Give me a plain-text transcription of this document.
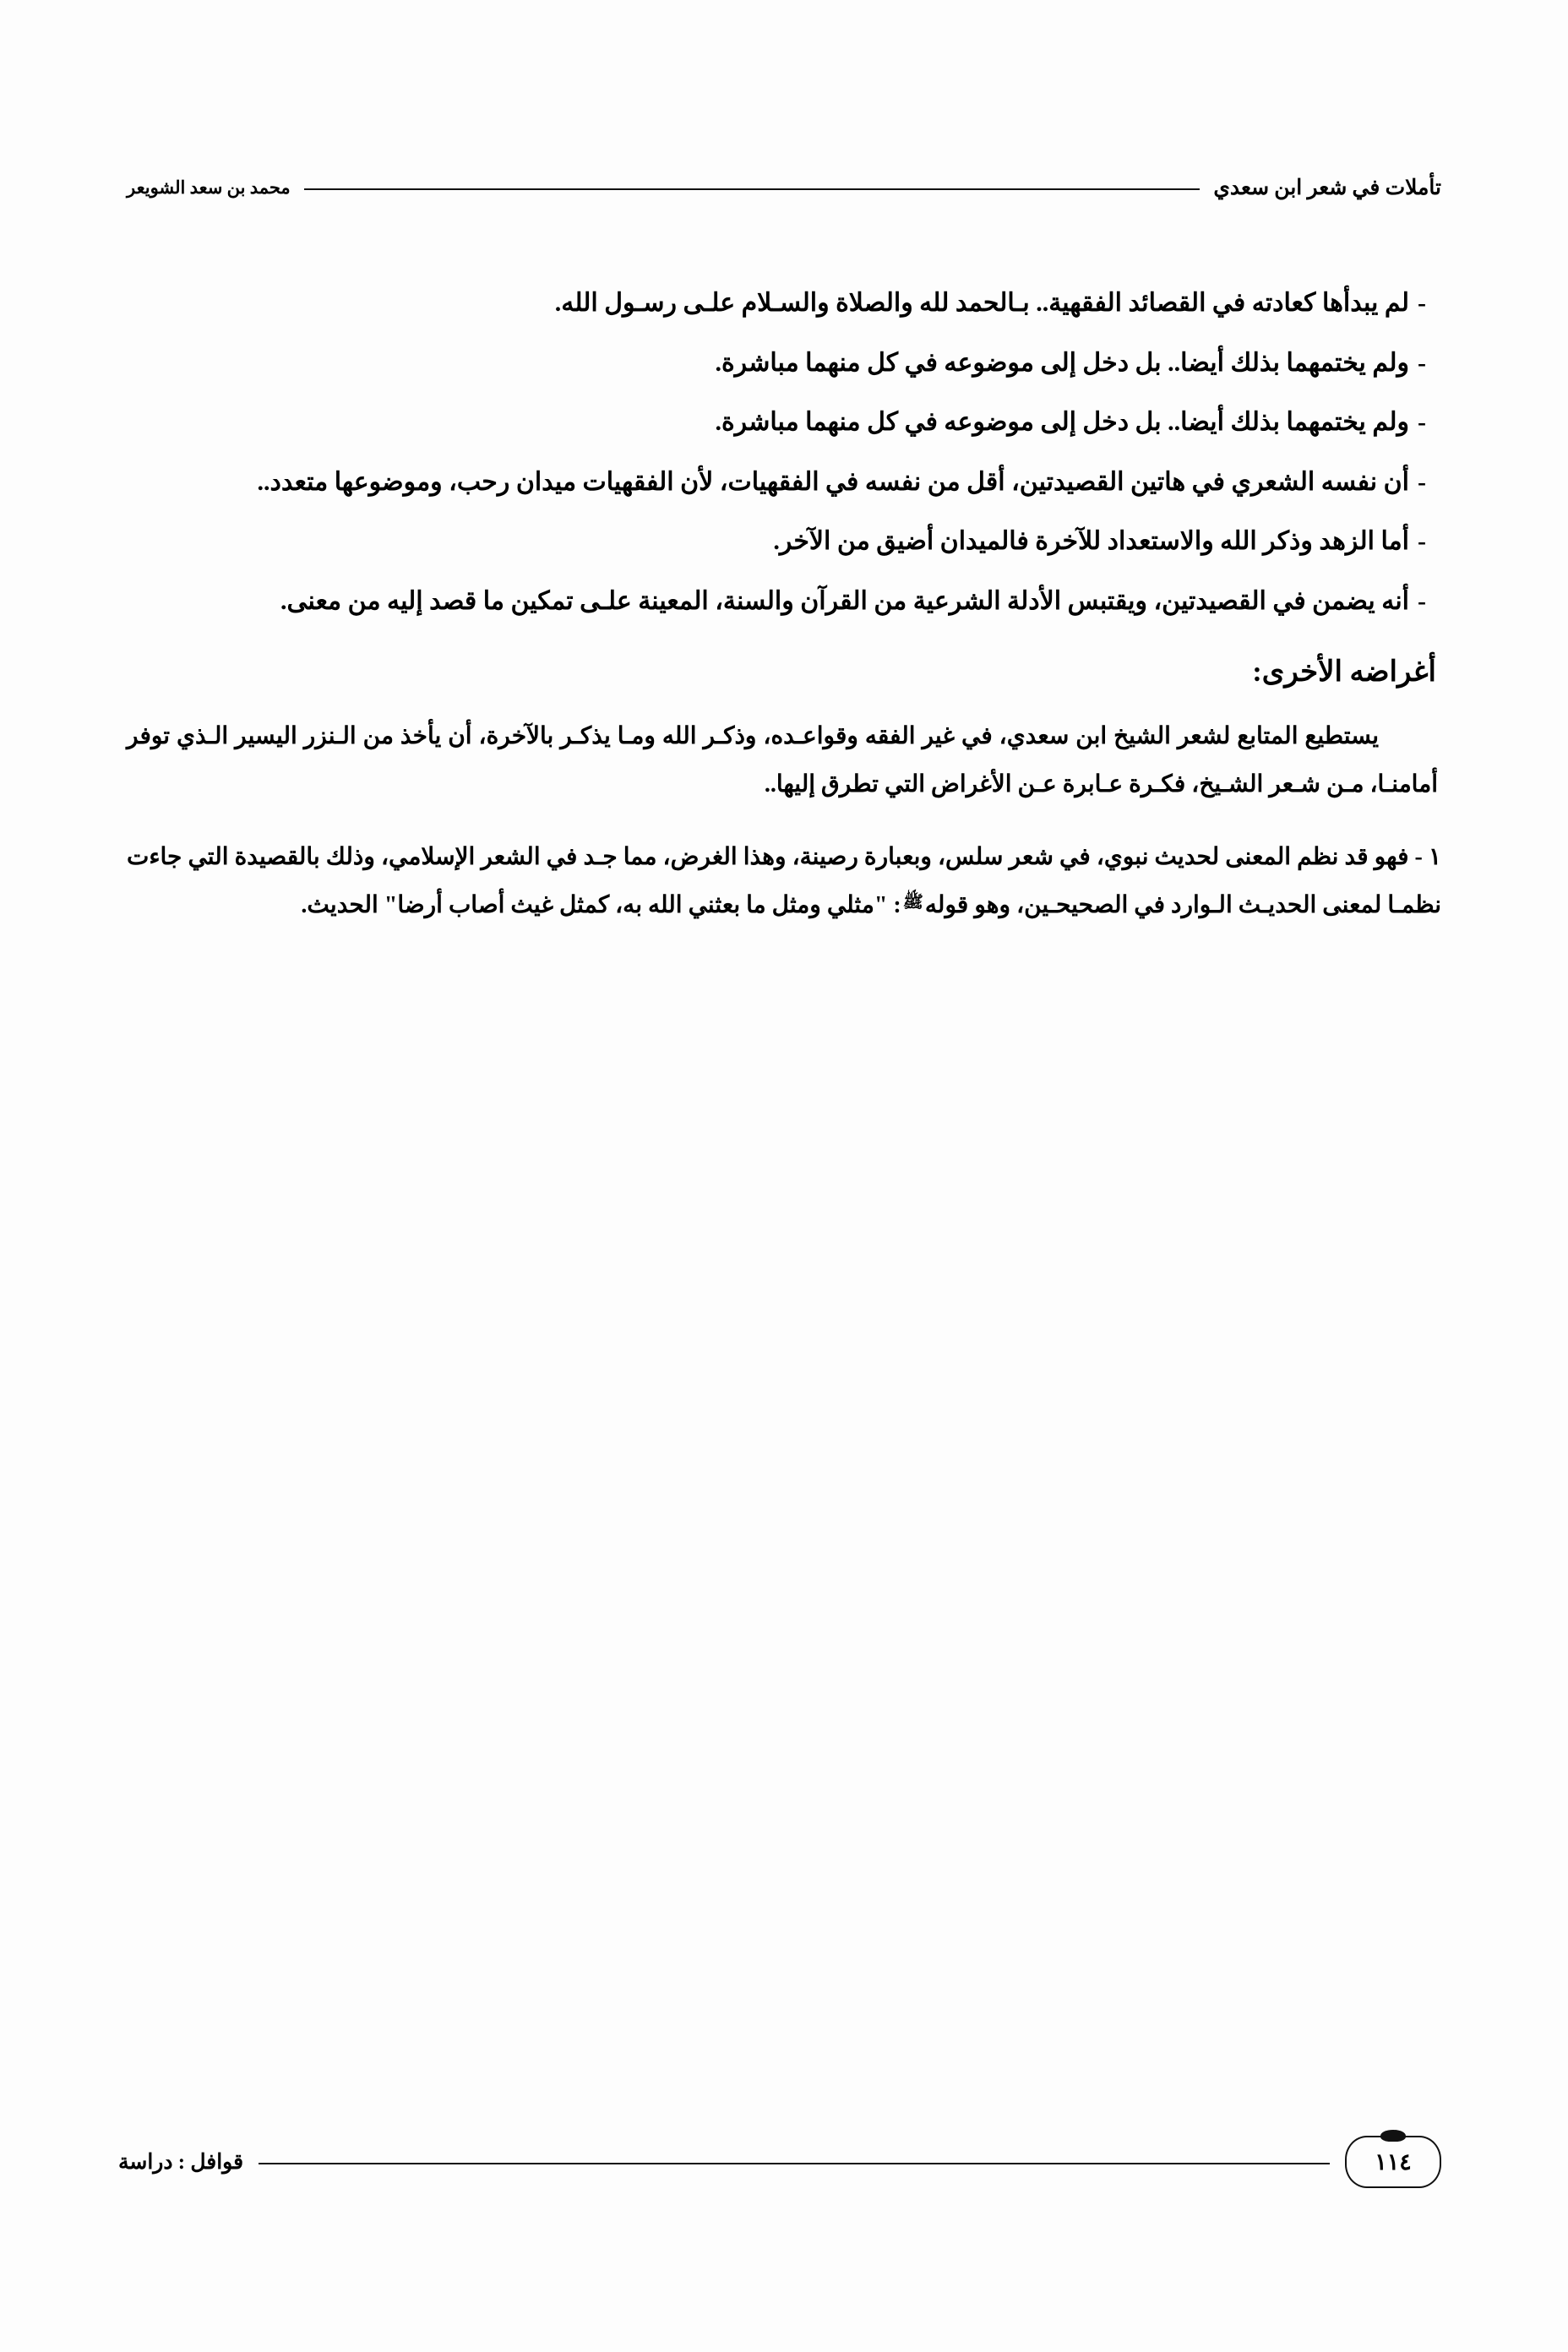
تأملات في شعر ابن سعدي
محمد بن سعد الشويعر
-
لم يبدأها كعادته في القصائد الفقهية.. بـالحمد لله والصلاة والسـلام علـى رسـول الله.
-
ولم يختمهما بذلك أيضا.. بل دخل إلى موضوعه في كل منهما مباشرة.
-
ولم يختمهما بذلك أيضا.. بل دخل إلى موضوعه في كل منهما مباشرة.
-
أن نفسه الشعري في هاتين القصيدتين، أقل من نفسه في الفقهيات، لأن الفقهيات ميدان رحب، وموضوعها متعدد..
-
أما الزهد وذكر الله والاستعداد للآخرة فالميدان أضيق من الآخر.
-
أنه يضمن في القصيدتين، ويقتبس الأدلة الشرعية من القرآن والسنة، المعينة علـى تمكين ما قصد إليه من معنى.
أغراضه الأخرى:

يستطيع المتابع لشعر الشيخ ابن سعدي، في غير الفقه وقواعـده، وذكـر الله ومـا يذكـر بالآخرة، أن يأخذ من الـنزر اليسير الـذي توفر أمامنـا، مـن شـعر الشـيخ، فكـرة عـابرة عـن الأغراض التي تطرق إليها..

١ - فهو قد نظم المعنى لحديث نبوي، في شعر سلس، وبعبارة رصينة، وهذا الغرض، مما جـد في الشعر الإسلامي، وذلك بالقصيدة التي جاءت نظمـا لمعنى الحديـث الـوارد في الصحيحـين، وهو قولهﷺ: "مثلي ومثل ما بعثني الله به، كمثل غيث أصاب أرضا" الحديث.

١١٤
قوافل : دراسة
